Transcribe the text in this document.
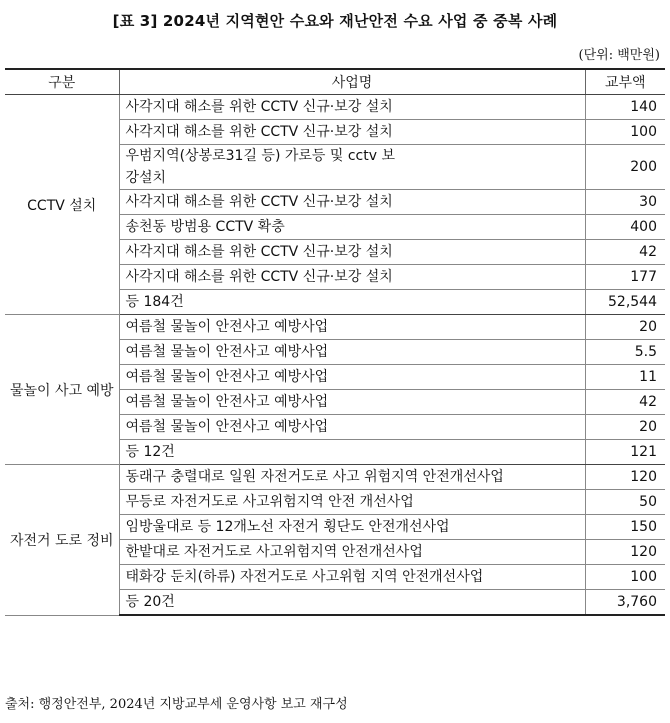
[표 3] 2024년 지역현안 수요와 재난안전 수요 사업 중 중복 사례
(단위: 백만원)
구분	사업명	교부액
CCTV 설치	사각지대 해소를 위한 CCTV 신규·보강 설치	140
	사각지대 해소를 위한 CCTV 신규·보강 설치	100
	우범지역(상봉로31길 등) 가로등 및 cctv 보강설치	200
	사각지대 해소를 위한 CCTV 신규·보강 설치	30
	송천동 방범용 CCTV 확충	400
	사각지대 해소를 위한 CCTV 신규·보강 설치	42
	사각지대 해소를 위한 CCTV 신규·보강 설치	177
	등 184건	52,544
물놀이 사고 예방	여름철 물놀이 안전사고 예방사업	20
	여름철 물놀이 안전사고 예방사업	5.5
	여름철 물놀이 안전사고 예방사업	11
	여름철 물놀이 안전사고 예방사업	42
	여름철 물놀이 안전사고 예방사업	20
	등 12건	121
자전거 도로 정비	동래구 충렬대로 일원 자전거도로 사고 위험지역 안전개선사업	120
	무등로 자전거도로 사고위험지역 안전 개선사업	50
	임방울대로 등 12개노선 자전거 횡단도 안전개선사업	150
	한밭대로 자전거도로 사고위험지역 안전개선사업	120
	태화강 둔치(하류) 자전거도로 사고위험 지역 안전개선사업	100
	등 20건	3,760
출처: 행정안전부, 2024년 지방교부세 운영사항 보고 재구성
